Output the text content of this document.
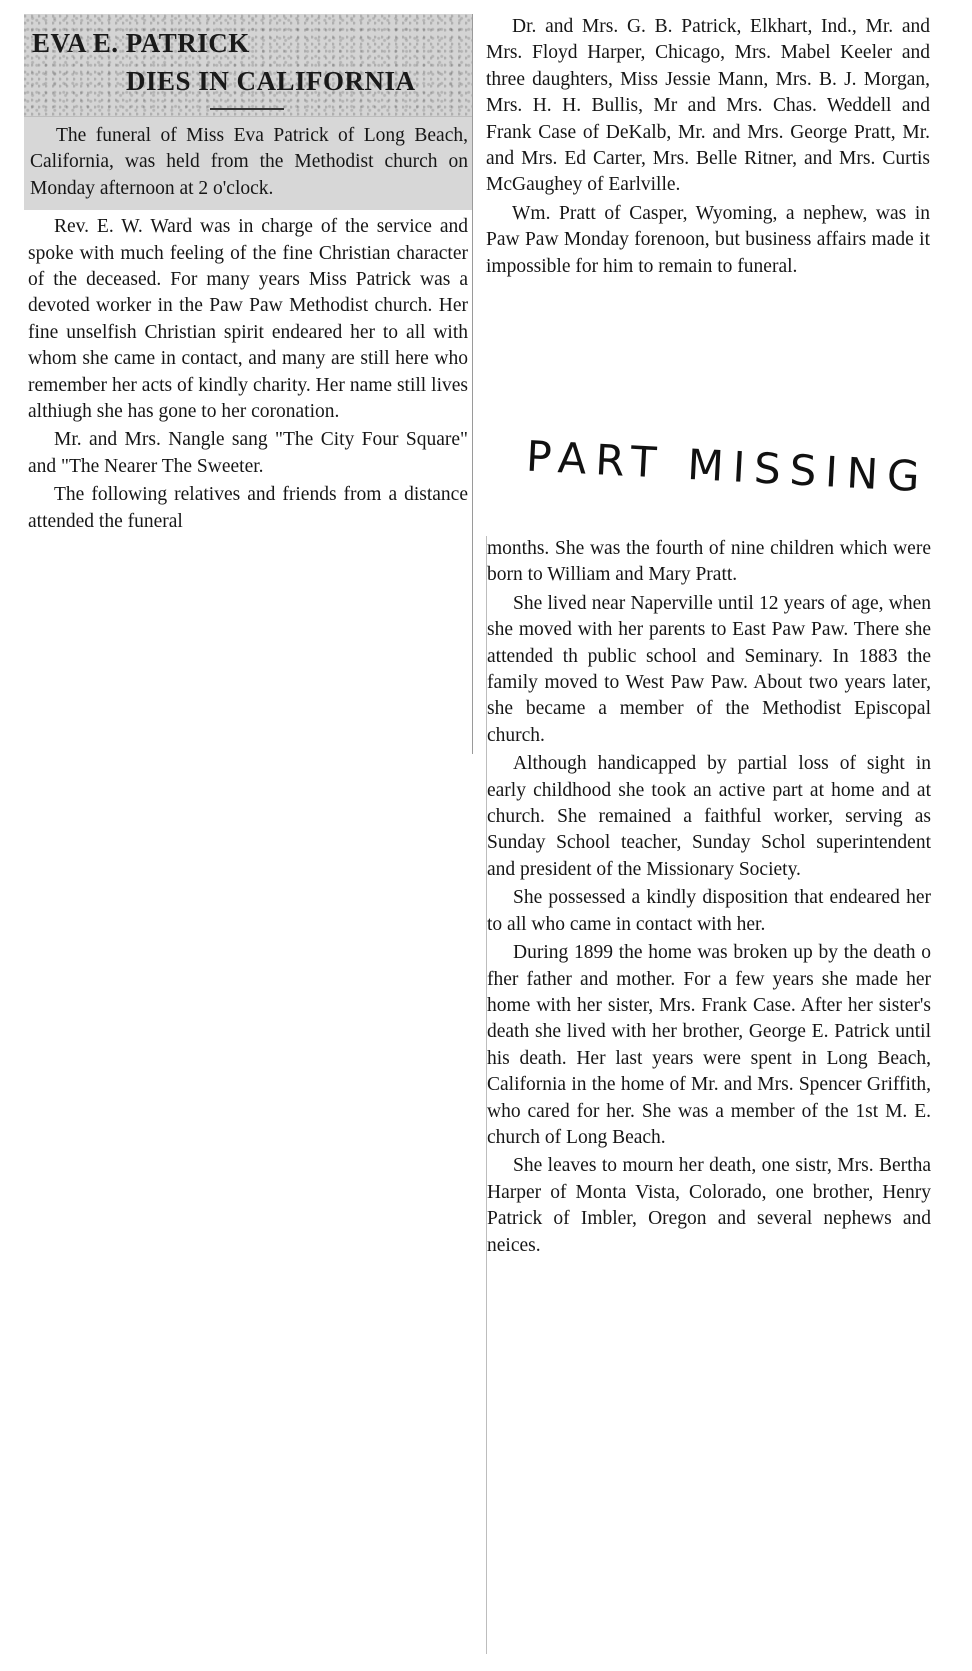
EVA E. PATRICK
DIES IN CALIFORNIA

The funeral of Miss Eva Patrick of Long Beach, California, was held from the Methodist church on Monday afternoon at 2 o'clock.

Rev. E. W. Ward was in charge of the service and spoke with much feeling of the fine Christian character of the deceased. For many years Miss Patrick was a devoted worker in the Paw Paw Methodist church. Her fine unselfish Christian spirit endeared her to all with whom she came in contact, and many are still here who remember her acts of kindly charity. Her name still lives althiugh she has gone to her coronation.

Mr. and Mrs. Nangle sang "The City Four Square" and "The Nearer The Sweeter.

The following relatives and friends from a distance attended the funeral

Dr. and Mrs. G. B. Patrick, Elkhart, Ind., Mr. and Mrs. Floyd Harper, Chicago, Mrs. Mabel Keeler and three daughters, Miss Jessie Mann, Mrs. B. J. Morgan, Mrs. H. H. Bullis, Mr and Mrs. Chas. Weddell and Frank Case of DeKalb, Mr. and Mrs. George Pratt, Mr. and Mrs. Ed Carter, Mrs. Belle Ritner, and Mrs. Curtis McGaughey of Earlville.

Wm. Pratt of Casper, Wyoming, a nephew, was in Paw Paw Monday forenoon, but business affairs made it impossible for him to remain to funeral.

PART MISSING

months. She was the fourth of nine children which were born to William and Mary Pratt.

She lived near Naperville until 12 years of age, when she moved with her parents to East Paw Paw. There she attended th public school and Seminary. In 1883 the family moved to West Paw Paw. About two years later, she became a member of the Methodist Episcopal church.

Although handicapped by partial loss of sight in early childhood she took an active part at home and at church. She remained a faithful worker, serving as Sunday School teacher, Sunday Schol superintendent and president of the Missionary Society.

She possessed a kindly disposition that endeared her to all who came in contact with her.

During 1899 the home was broken up by the death o fher father and mother. For a few years she made her home with her sister, Mrs. Frank Case. After her sister's death she lived with her brother, George E. Patrick until his death. Her last years were spent in Long Beach, California in the home of Mr. and Mrs. Spencer Griffith, who cared for her. She was a member of the 1st M. E. church of Long Beach.

She leaves to mourn her death, one sistr, Mrs. Bertha Harper of Monta Vista, Colorado, one brother, Henry Patrick of Imbler, Oregon and several nephews and neices.
